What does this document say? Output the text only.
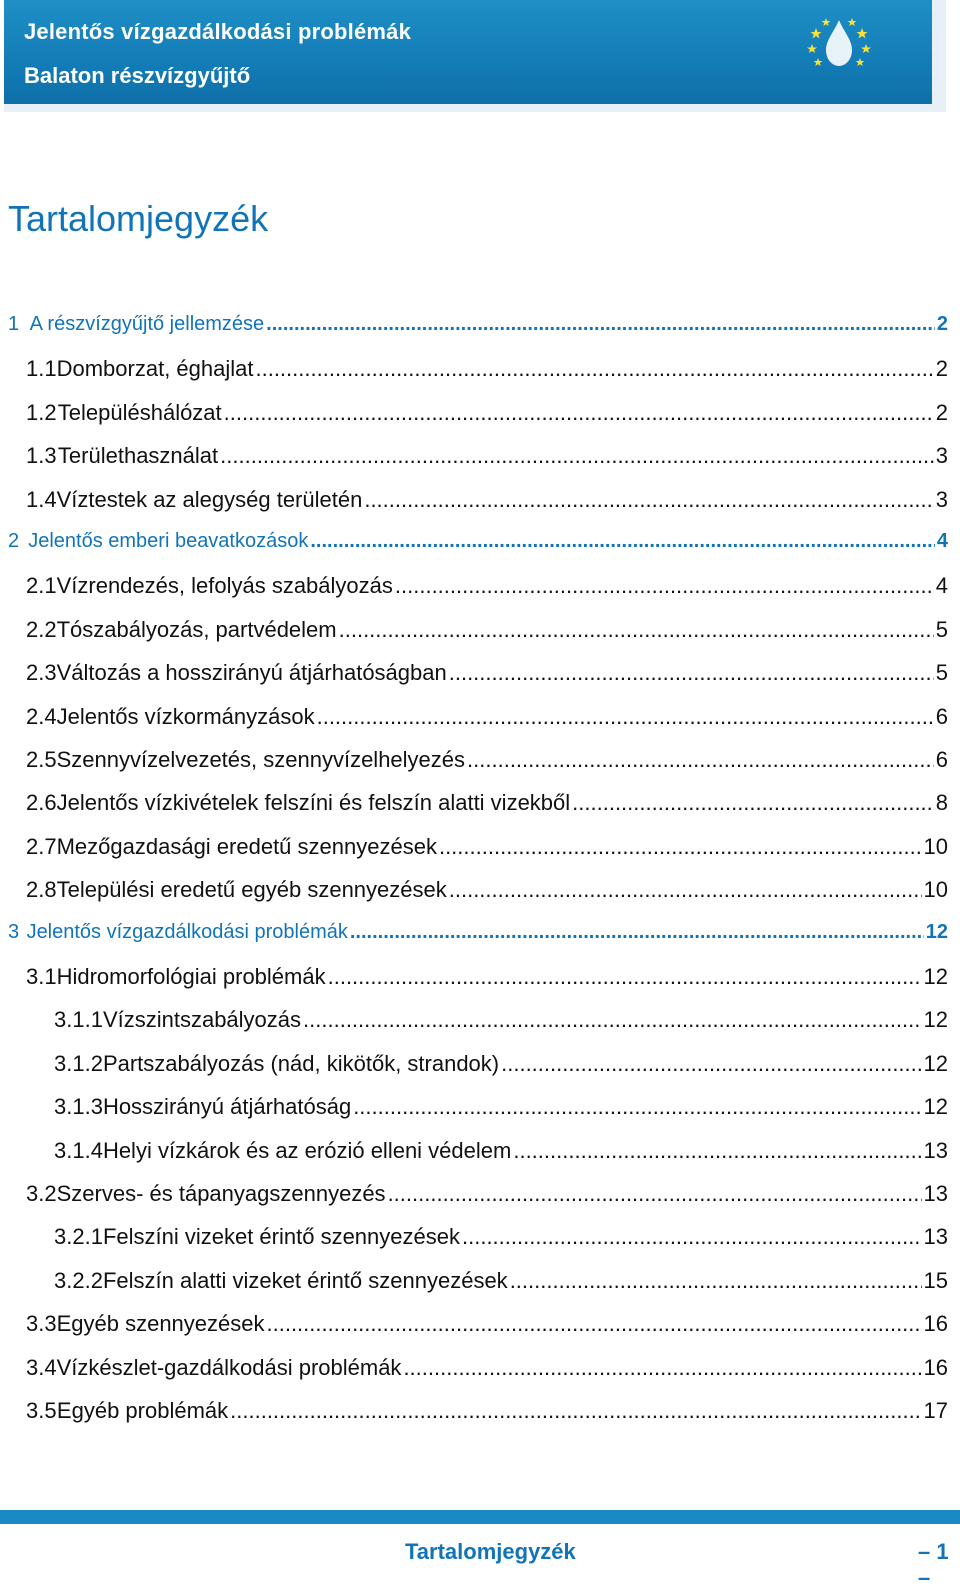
Jelentős vízgazdálkodási problémák
Balaton részvízgyűjtő
Tartalomjegyzék
1 A részvízgyűjtő jellemzése .....	2
1.1 Domborzat, éghajlat .....	2
1.2 Településhálózat .....	2
1.3 Területhasználat .....	3
1.4 Víztestek az alegység területén .....	3
2 Jelentős emberi beavatkozások .....	4
2.1 Vízrendezés, lefolyás szabályozás .....	4
2.2 Tószabályozás, partvédelem .....	5
2.3 Változás a hosszirányú átjárhatóságban .....	5
2.4 Jelentős vízkormányzások .....	6
2.5 Szennyvízelvezetés, szennyvízelhelyezés .....	6
2.6 Jelentős vízkivételek felszíni és felszín alatti vizekből .....	8
2.7 Mezőgazdasági eredetű szennyezések .....	10
2.8 Települési eredetű egyéb szennyezések .....	10
3 Jelentős vízgazdálkodási problémák .....	12
3.1 Hidromorfológiai problémák .....	12
3.1.1 Vízszintszabályozás .....	12
3.1.2 Partszabályozás (nád, kikötők, strandok) .....	12
3.1.3 Hosszirányú átjárhatóság .....	12
3.1.4 Helyi vízkárok és az erózió elleni védelem .....	13
3.2 Szerves- és tápanyagszennyezés .....	13
3.2.1 Felszíni vizeket érintő szennyezések .....	13
3.2.2 Felszín alatti vizeket érintő szennyezések .....	15
3.3 Egyéb szennyezések .....	16
3.4 Vízkészlet-gazdálkodási problémák .....	16
3.5 Egyéb problémák .....	17
Tartalomjegyzék	– 1 –
